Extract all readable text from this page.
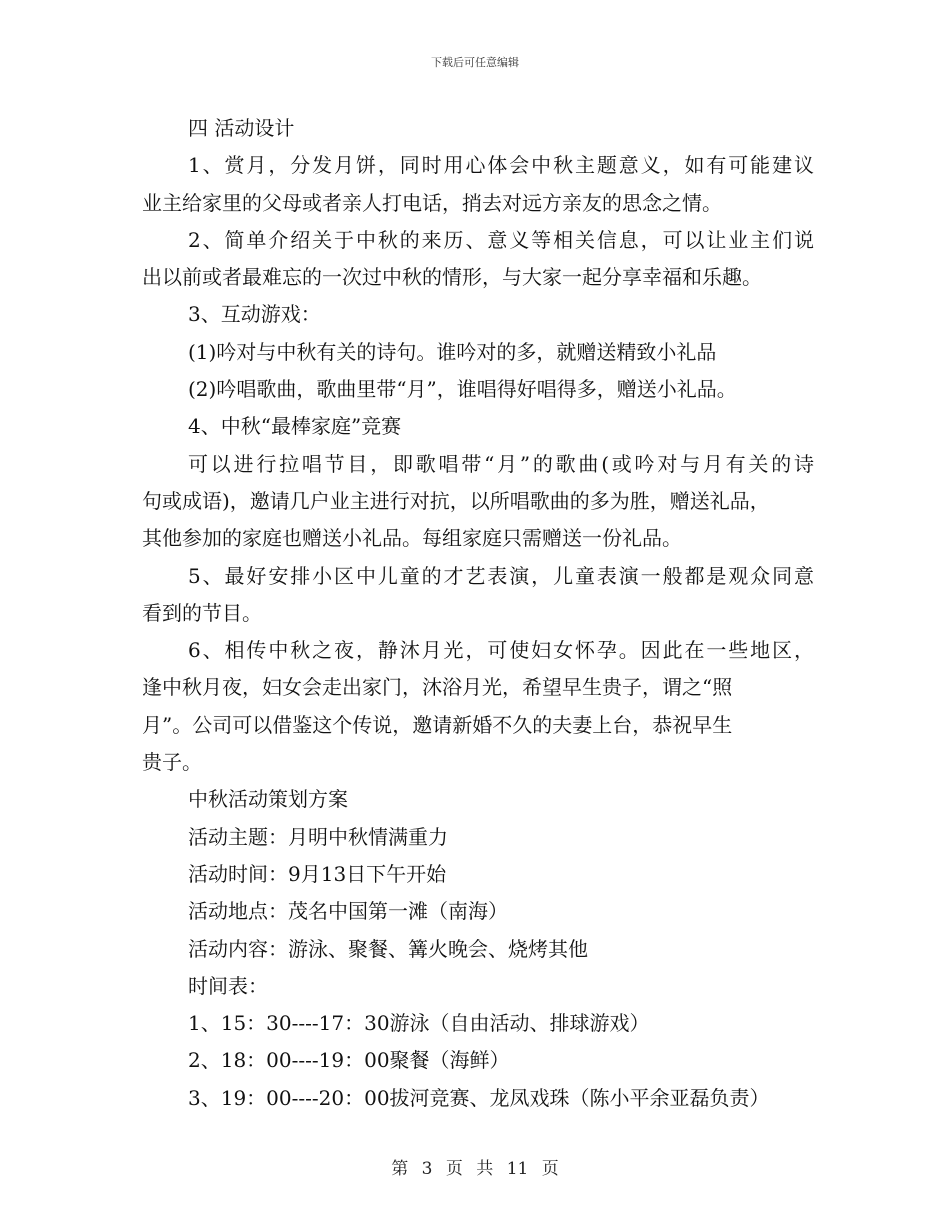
下载后可任意编辑
四 活动设计
1、赏月，分发月饼，同时用心体会中秋主题意义，如有可能建议
业主给家里的父母或者亲人打电话，捎去对远方亲友的思念之情。
2、简单介绍关于中秋的来历、意义等相关信息，可以让业主们说
出以前或者最难忘的一次过中秋的情形，与大家一起分享幸福和乐趣。
3、互动游戏：
(1)吟对与中秋有关的诗句。谁吟对的多，就赠送精致小礼品
(2)吟唱歌曲，歌曲里带“月”，谁唱得好唱得多，赠送小礼品。
4、中秋“最棒家庭”竞赛
可以进行拉唱节目，即歌唱带“月”的歌曲(或吟对与月有关的诗
句或成语)，邀请几户业主进行对抗，以所唱歌曲的多为胜，赠送礼品，
其他参加的家庭也赠送小礼品。每组家庭只需赠送一份礼品。
5、最好安排小区中儿童的才艺表演，儿童表演一般都是观众同意
看到的节目。
6、相传中秋之夜，静沐月光，可使妇女怀孕。因此在一些地区，
逢中秋月夜，妇女会走出家门，沐浴月光，希望早生贵子，谓之“照
月”。公司可以借鉴这个传说，邀请新婚不久的夫妻上台，恭祝早生
贵子。
中秋活动策划方案
活动主题：月明中秋情满重力
活动时间：9月13日下午开始
活动地点：茂名中国第一滩（南海）
活动内容：游泳、聚餐、篝火晚会、烧烤其他
时间表：
1、15：30----17：30游泳（自由活动、排球游戏）
2、18：00----19：00聚餐（海鲜）
3、19：00----20：00拔河竞赛、龙凤戏珠（陈小平余亚磊负责）
第 3 页 共 11 页
